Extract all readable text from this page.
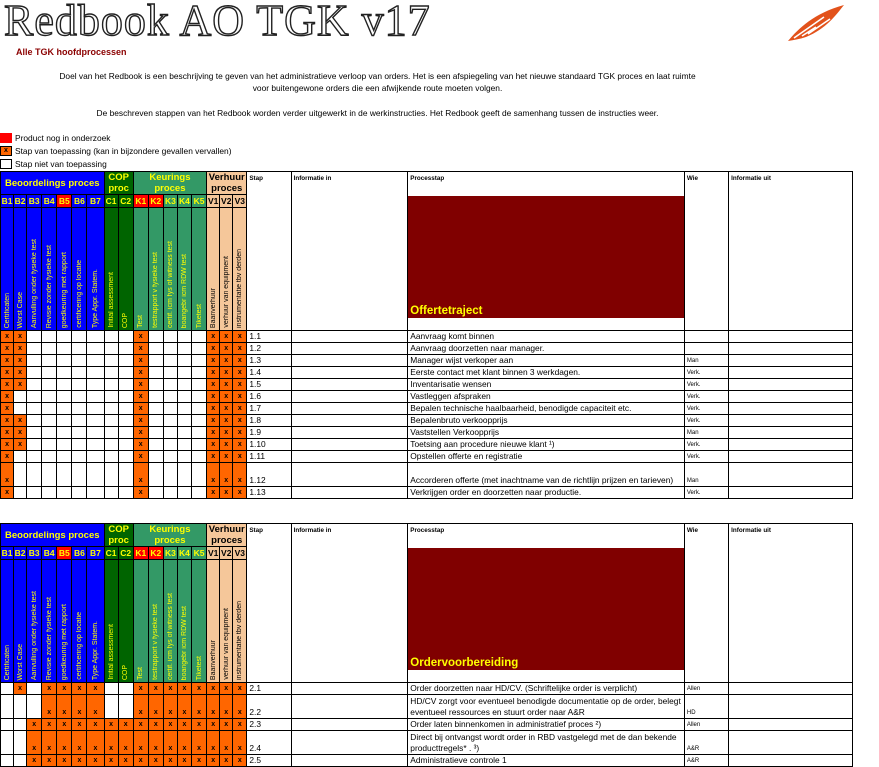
Redbook AO TGK v17
Alle TGK hoofdprocessen
Doel van het Redbook is een beschrijving te geven van het administratieve verloop van orders. Het is een afspiegeling van het nieuwe standaard TGK proces en laat ruimte
voor buitengewone orders die een afwijkende route moeten volgen.
De beschreven stappen van het Redbook worden verder uitgewerkt in de werkinstructies. Het Redbook geeft de samenhang tussen de instructies weer.
Product nog in onderzoek
x Stap van toepassing (kan in bijzondere gevallen vervallen)
Stap niet van toepassing
Beoordelings proces							COP proc		Keurings proces					Verhuur proces			Stap	Informatie in	Processtap
Offertetraject	Wie	Informatie uit
B1	B2	B3	B4	B5	B6	B7	C1	C2	K1	K2	K3	K4	K5	V1	V2	V3					

Certificaten	Worst Case	Aanvulling onder fysieke test	Revisie zonder fysieke test	goedkeuring met rapport	certificering op locatie	Type Appr. Statem.	Initial assessment	COP	Test	testrapport v fysieke test	certif. icm fys of witness test	boangebr icm RDW test	Tiketest	Baanverhuur	verhuur van equipment	instrumentatie tbv derden					

x	x								x					x	x	x	1.1		Aanvraag komt binnen		
x	x								x					x	x	x	1.2		Aanvraag doorzetten naar manager.		
x	x								x					x	x	x	1.3		Manager wijst verkoper aan	Man	
x	x								x					x	x	x	1.4		Eerste contact met klant binnen 3 werkdagen.	Verk.	
x	x								x					x	x	x	1.5		Inventarisatie wensen	Verk.	
x									x					x	x	x	1.6		Vastleggen afspraken	Verk.	
x									x					x	x	x	1.7		Bepalen technische haalbaarheid, benodigde capaciteit etc.	Verk.	
x	x								x					x	x	x	1.8		Bepalenbruto verkoopprijs	Verk.	
x	x								x					x	x	x	1.9		Vaststellen Verkoopprijs	Man	
x	x								x					x	x	x	1.10		Toetsing aan procedure nieuwe klant ¹)	Verk.	
x									x					x	x	x	1.11		Opstellen offerte en registratie	Verk.	
x									x					x	x	x	1.12		Accorderen offerte (met inachtname van de richtlijn prijzen en tarieven)	Man	
x									x					x	x	x	1.13		Verkrijgen order en doorzetten naar productie.	Verk.	
Beoordelings proces							COP proc		Keurings proces					Verhuur proces			Stap	Informatie in	Processtap
Ordervoorbereiding	Wie	Informatie uit
B1	B2	B3	B4	B5	B6	B7	C1	C2	K1	K2	K3	K4	K5	V1	V2	V3					

Certificaten	Worst Case	Aanvulling onder fysieke test	Revisie zonder fysieke test	goedkeuring met rapport	certificering op locatie	Type Appr. Statem.	Initial assessment	COP	Test	testrapport v fysieke test	certif. icm fys of witness test	boangebr icm RDW test	Tiketest	Baanverhuur	verhuur van equipment	instrumentatie tbv derden					

	x		x	x	x	x			x	x	x	x	x	x	x	x	2.1		Order doorzetten naar HD/CV. (Schriftelijke order is verplicht)	Allen	
			x	x	x	x			x	x	x	x	x	x	x	x	2.2		HD/CV zorgt voor eventueel benodigde documentatie op de order, belegt eventueel ressources en stuurt order naar A&R	HD	
		x	x	x	x	x	x	x	x	x	x	x	x	x	x	x	2.3		Order laten binnenkomen in administratief proces ²)	Allen	
		x	x	x	x	x	x	x	x	x	x	x	x	x	x	x	2.4		Direct bij ontvangst wordt order in RBD vastgelegd met de dan bekende producttregels* . ³)	A&R	
		x	x	x	x	x	x	x	x	x	x	x	x	x	x	x	2.5		Administratieve controle 1	A&R	
